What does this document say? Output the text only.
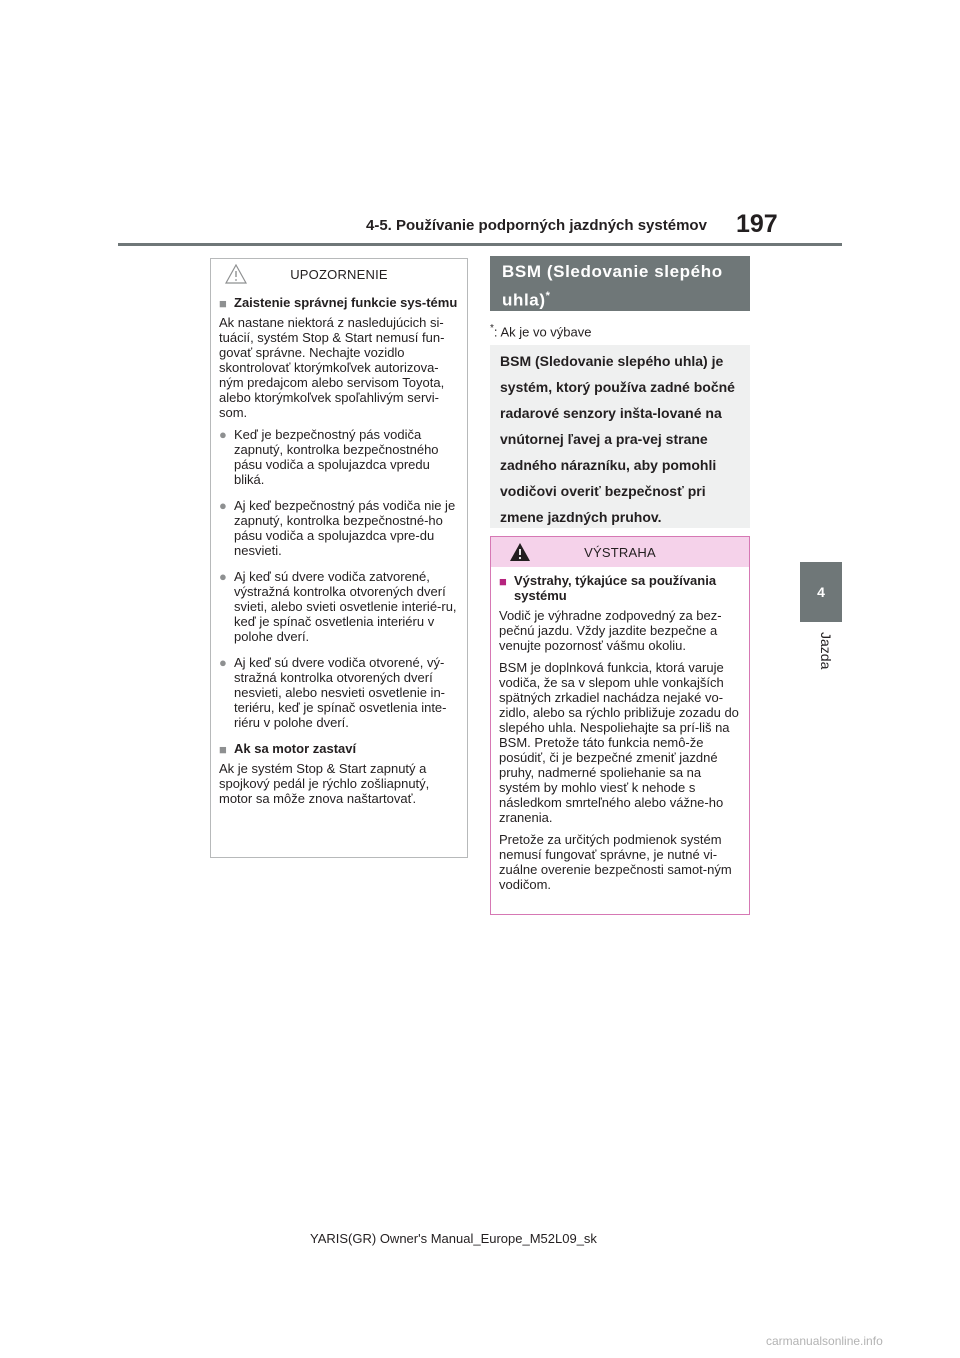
4-5. Používanie podporných jazdných systémov 197
4
Jazda
UPOZORNENIE
■ Zaistenie správnej funkcie sys-tému

Ak nastane niektorá z nasledujúcich si-tuácií, systém Stop & Start nemusí fun-govať správne. Nechajte vozidlo skontrolovať ktorýmkoľvek autorizova-ným predajcom alebo servisom Toyota, alebo ktorýmkoľvek spoľahlivým servi-som.

● Keď je bezpečnostný pás vodiča zapnutý, kontrolka bezpečnostného pásu vodiča a spolujazdca vpredu bliká.
● Aj keď bezpečnostný pás vodiča nie je zapnutý, kontrolka bezpečnostné-ho pásu vodiča a spolujazdca vpre-du nesvieti.
● Aj keď sú dvere vodiča zatvorené, výstražná kontrolka otvorených dverí svieti, alebo svieti osvetlenie interié-ru, keď je spínač osvetlenia interiéru v polohe dverí.
● Aj keď sú dvere vodiča otvorené, vý-stražná kontrolka otvorených dverí nesvieti, alebo nesvieti osvetlenie in-teriéru, keď je spínač osvetlenia inte-riéru v polohe dverí.
■ Ak sa motor zastaví

Ak je systém Stop & Start zapnutý a spojkový pedál je rýchlo zošliapnutý, motor sa môže znova naštartovať.

BSM (Sledovanie slepého uhla)*
*: Ak je vo výbave
BSM (Sledovanie slepého uhla) je systém, ktorý používa zadné bočné radarové senzory inšta-lované na vnútornej ľavej a pra-vej strane zadného nárazníku, aby pomohli vodičovi overiť bezpečnosť pri zmene jazdných pruhov.
VÝSTRAHA
■ Výstrahy, týkajúce sa používania systému

Vodič je výhradne zodpovedný za bez-pečnú jazdu. Vždy jazdite bezpečne a venujte pozornosť vášmu okoliu.

BSM je doplnková funkcia, ktorá varuje vodiča, že sa v slepom uhle vonkajších spätných zrkadiel nachádza nejaké vo-zidlo, alebo sa rýchlo približuje zozadu do slepého uhla. Nespoliehajte sa prí-liš na BSM. Pretože táto funkcia nemô-že posúdiť, či je bezpečné zmeniť jazdné pruhy, nadmerné spoliehanie sa na systém by mohlo viesť k nehode s následkom smrteľného alebo vážne-ho zranenia.

Pretože za určitých podmienok systém nemusí fungovať správne, je nutné vi-zuálne overenie bezpečnosti samot-ným vodičom.

YARIS(GR) Owner's Manual_Europe_M52L09_sk
carmanualsonline.info
